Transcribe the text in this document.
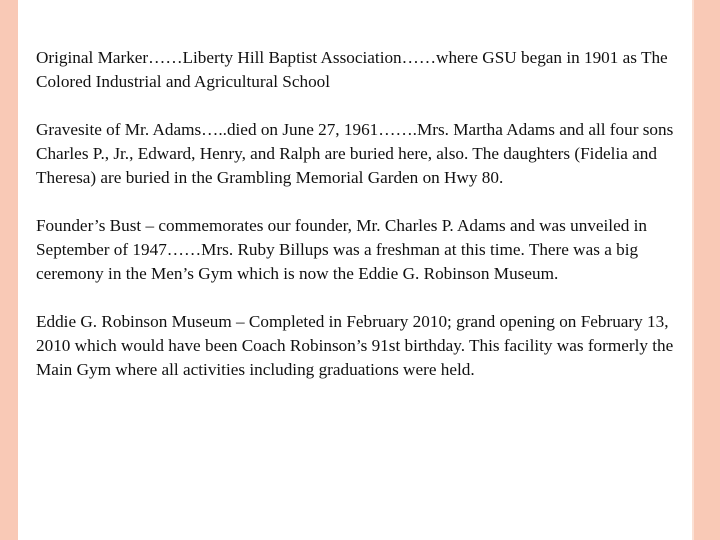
Original Marker……Liberty Hill Baptist Association……where GSU began in 1901 as The Colored Industrial and Agricultural School

Gravesite of Mr. Adams…..died on June 27, 1961…….Mrs. Martha Adams and all four sons Charles P., Jr., Edward, Henry, and Ralph are buried here, also. The daughters (Fidelia and Theresa) are buried in the Grambling Memorial Garden on Hwy 80.

Founder’s Bust – commemorates our founder, Mr. Charles P. Adams and was unveiled in September of 1947……Mrs. Ruby Billups was a freshman at this time. There was a big ceremony in the Men’s Gym which is now the Eddie G. Robinson Museum.

Eddie G. Robinson Museum – Completed in February 2010; grand opening on February 13, 2010 which would have been Coach Robinson’s 91st birthday. This facility was formerly the Main Gym where all activities including graduations were held.
